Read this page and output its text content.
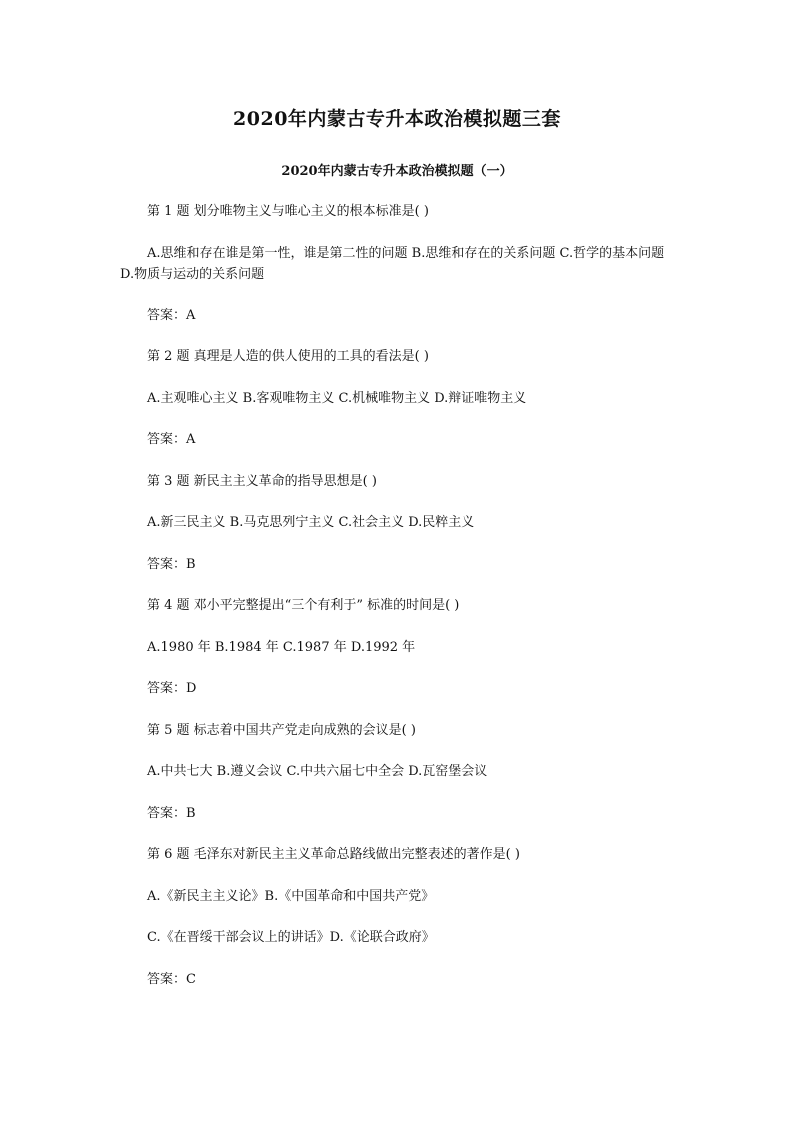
2020年内蒙古专升本政治模拟题三套
2020年内蒙古专升本政治模拟题（一）
第 1 题 划分唯物主义与唯心主义的根本标准是( )
A.思维和存在谁是第一性，谁是第二性的问题 B.思维和存在的关系问题 C.哲学的基本问题 D.物质与运动的关系问题
答案：A
第 2 题 真理是人造的供人使用的工具的看法是( )
A.主观唯心主义 B.客观唯物主义 C.机械唯物主义 D.辩证唯物主义
答案：A
第 3 题 新民主主义革命的指导思想是( )
A.新三民主义 B.马克思列宁主义 C.社会主义 D.民粹主义
答案：B
第 4 题 邓小平完整提出“三个有利于” 标准的时间是( )
A.1980 年 B.1984 年 C.1987 年 D.1992 年
答案：D
第 5 题 标志着中国共产党走向成熟的会议是( )
A.中共七大 B.遵义会议 C.中共六届七中全会 D.瓦窑堡会议
答案：B
第 6 题 毛泽东对新民主主义革命总路线做出完整表述的著作是( )
A.《新民主主义论》B.《中国革命和中国共产党》
C.《在晋绥干部会议上的讲话》D.《论联合政府》
答案：C
